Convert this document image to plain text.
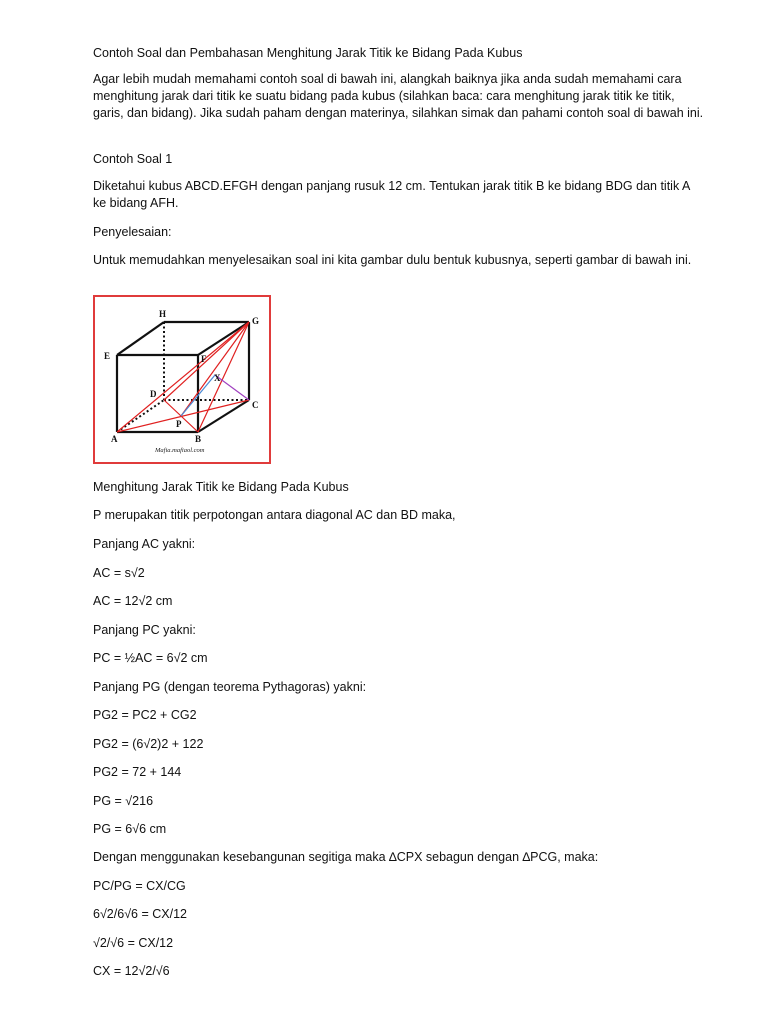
Contoh Soal dan Pembahasan Menghitung Jarak Titik ke Bidang Pada Kubus
Agar lebih mudah memahami contoh soal di bawah ini, alangkah baiknya jika anda sudah memahami cara menghitung jarak dari titik ke suatu bidang pada kubus (silahkan baca: cara menghitung jarak titik ke titik, garis, dan bidang). Jika sudah paham dengan materinya, silahkan simak dan pahami contoh soal di bawah ini.
Contoh Soal 1
Diketahui kubus ABCD.EFGH dengan panjang rusuk 12 cm. Tentukan jarak titik B ke bidang BDG dan titik A ke bidang AFH.
Penyelesaian:
Untuk memudahkan menyelesaikan soal ini kita gambar dulu bentuk kubusnya, seperti gambar di bawah ini.
H
G
E	F
D
C
A	B
P
X
Mafia.mafiaol.com
Menghitung Jarak Titik ke Bidang Pada Kubus
P merupakan titik perpotongan antara diagonal AC dan BD maka,
Panjang AC yakni:
AC = s√2
AC = 12√2 cm
Panjang PC yakni:
PC = ½AC = 6√2 cm
Panjang PG (dengan teorema Pythagoras) yakni:
PG2 = PC2 + CG2
PG2 = (6√2)2 + 122
PG2 = 72 + 144
PG = √216
PG = 6√6 cm
Dengan menggunakan kesebangunan segitiga maka ∆CPX sebagun dengan ∆PCG, maka:
PC/PG = CX/CG
6√2/6√6 = CX/12
√2/√6 = CX/12
CX = 12√2/√6
